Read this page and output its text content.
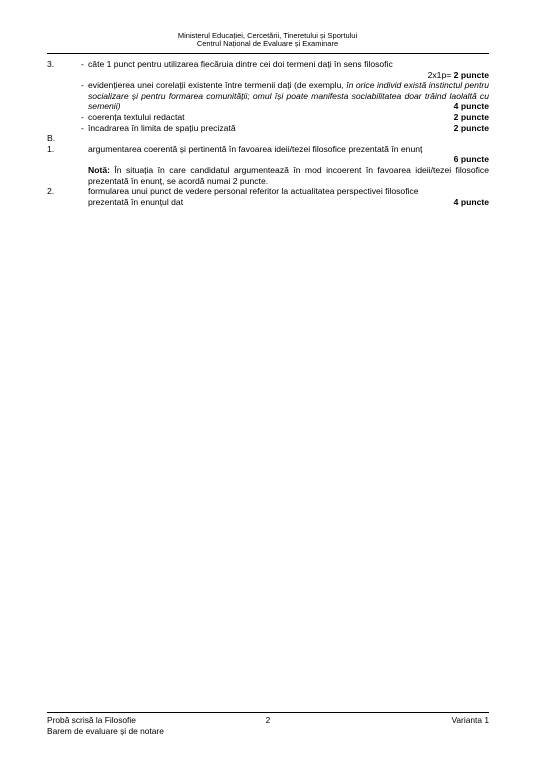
Ministerul Educației, Cercetării, Tineretului și Sportului
Centrul Național de Evaluare și Examinare
3.	- câte 1 punct pentru utilizarea fiecăruia dintre cei doi termeni dați în sens filosofic
2x1p= 2 puncte
- evidențierea unei corelații existente între termenii dați (de exemplu, în orice individ există instinctul pentru socializare și pentru formarea comunității; omul își poate manifesta sociabilitatea doar trăind laolaltă cu semenii)	4 puncte
- coerența textului redactat	2 puncte
- încadrarea în limita de spațiu precizată	2 puncte
B.
1.	argumentarea coerentă și pertinentă în favoarea ideii/tezei filosofice prezentată în enunț
6 puncte
Notă: În situația în care candidatul argumentează în mod incoerent în favoarea ideii/tezei filosofice prezentată în enunț, se acordă numai 2 puncte.
2.	formularea unui punct de vedere personal referitor la actualitatea perspectivei filosofice
prezentată în enunțul dat	4 puncte
Probă scrisă la Filosofie	2	Varianta 1
Barem de evaluare și de notare
